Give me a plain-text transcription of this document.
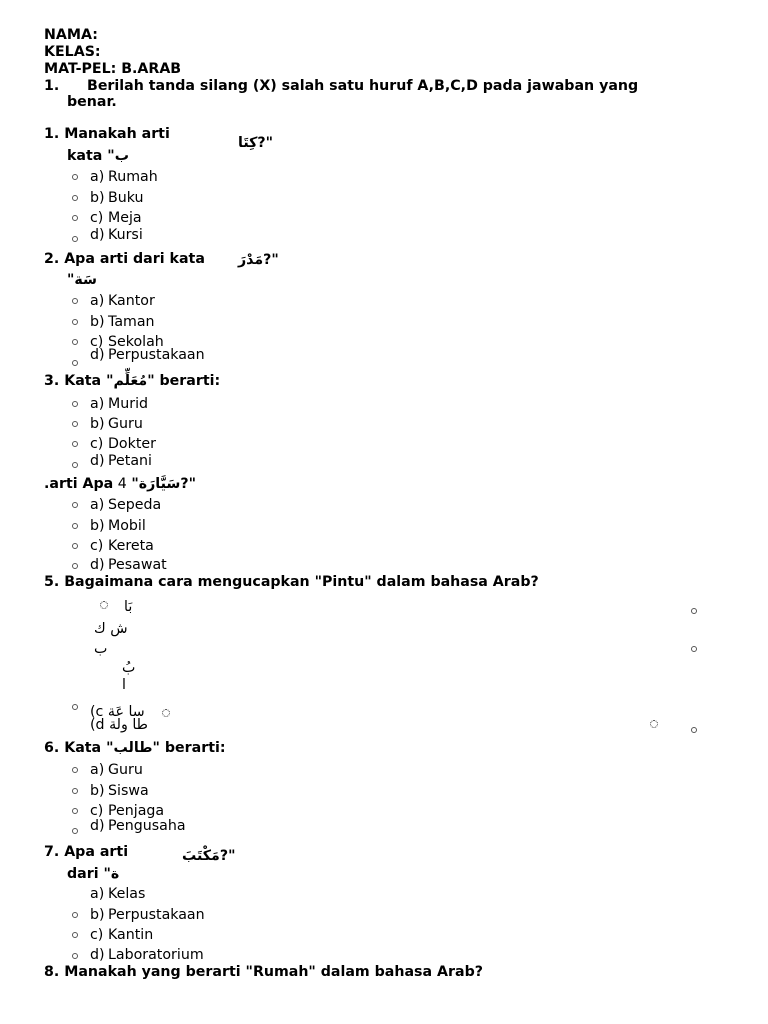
NAMA:
KELAS:
MAT-PEL: B.ARAB
1. Berilah tanda silang (X) salah satu huruf A,B,C,D pada jawaban yang
benar.
1. Manakah arti
كِتَا?"
kata "ب
a) Rumah
b) Buku
c) Meja
d) Kursi
2. Apa arti dari kata مَدْرَ?"
"سَة
a) Kantor
b) Taman
c) Sekolah
d) Perpustakaan
3. Kata "مُعَلِّم" berarti:
a) Murid
b) Guru
c) Dokter
d) Petani
.arti Apa 4 "سَيَّارَة?"
a) Sepeda
b) Mobil
c) Kereta
d) Pesawat
5. Bagaimana cara mengucapkan "Pintu" dalam bahasa Arab?
بَا
ش ك
ب
بُ
ا
(c سا عَة
(d طا ولة
6. Kata "طالب" berarti:
a) Guru
b) Siswa
c) Penjaga
d) Pengusaha
7. Apa arti	مَكْتَبَ?"
dari "ة
a) Kelas
b) Perpustakaan
c) Kantin
d) Laboratorium
8. Manakah yang berarti "Rumah" dalam bahasa Arab?
